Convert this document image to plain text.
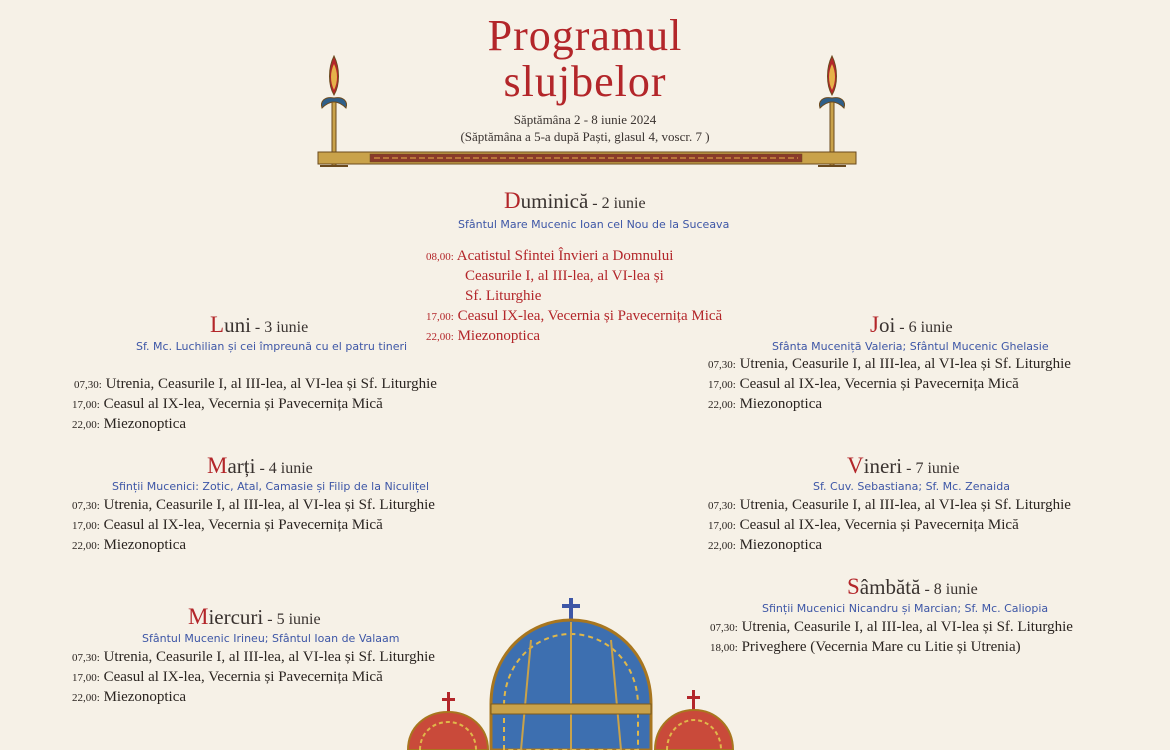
Programul
slujbelor
Săptămâna 2 - 8 iunie 2024
(Săptămâna a 5-a după Paști, glasul 4, voscr. 7 )
Duminică - 2 iunie
Sfântul Mare Mucenic Ioan cel Nou de la Suceava
08,00: Acatistul Sfintei Învieri a Domnului
Ceasurile I, al III-lea, al VI-lea și
Sf. Liturghie
17,00: Ceasul IX-lea, Vecernia și Pavecernița Mică
22,00: Miezonoptica
Luni - 3 iunie
Sf. Mc. Luchilian și cei împreună cu el patru tineri
07,30: Utrenia, Ceasurile I, al III-lea, al VI-lea și Sf. Liturghie
17,00: Ceasul al IX-lea, Vecernia și Pavecernița Mică
22,00: Miezonoptica
Marți - 4 iunie
Sfinții Mucenici: Zotic, Atal, Camasie și Filip de la Niculițel
07,30: Utrenia, Ceasurile I, al III-lea, al VI-lea și Sf. Liturghie
17,00: Ceasul al IX-lea, Vecernia și Pavecernița Mică
22,00: Miezonoptica
Miercuri - 5 iunie
Sfântul Mucenic Irineu; Sfântul Ioan de Valaam
07,30: Utrenia, Ceasurile I, al III-lea, al VI-lea și Sf. Liturghie
17,00: Ceasul al IX-lea, Vecernia și Pavecernița Mică
22,00: Miezonoptica
Joi - 6 iunie
Sfânta Muceniță Valeria; Sfântul Mucenic Ghelasie
07,30: Utrenia, Ceasurile I, al III-lea, al VI-lea și Sf. Liturghie
17,00: Ceasul al IX-lea, Vecernia și Pavecernița Mică
22,00: Miezonoptica
Vineri - 7 iunie
Sf. Cuv. Sebastiana; Sf. Mc. Zenaida
07,30: Utrenia, Ceasurile I, al III-lea, al VI-lea și Sf. Liturghie
17,00: Ceasul al IX-lea, Vecernia și Pavecernița Mică
22,00: Miezonoptica
Sâmbătă - 8 iunie
Sfinții Mucenici Nicandru și Marcian; Sf. Mc. Caliopia
07,30: Utrenia, Ceasurile I, al III-lea, al VI-lea și Sf. Liturghie
18,00: Priveghere (Vecernia Mare cu Litie și Utrenia)
